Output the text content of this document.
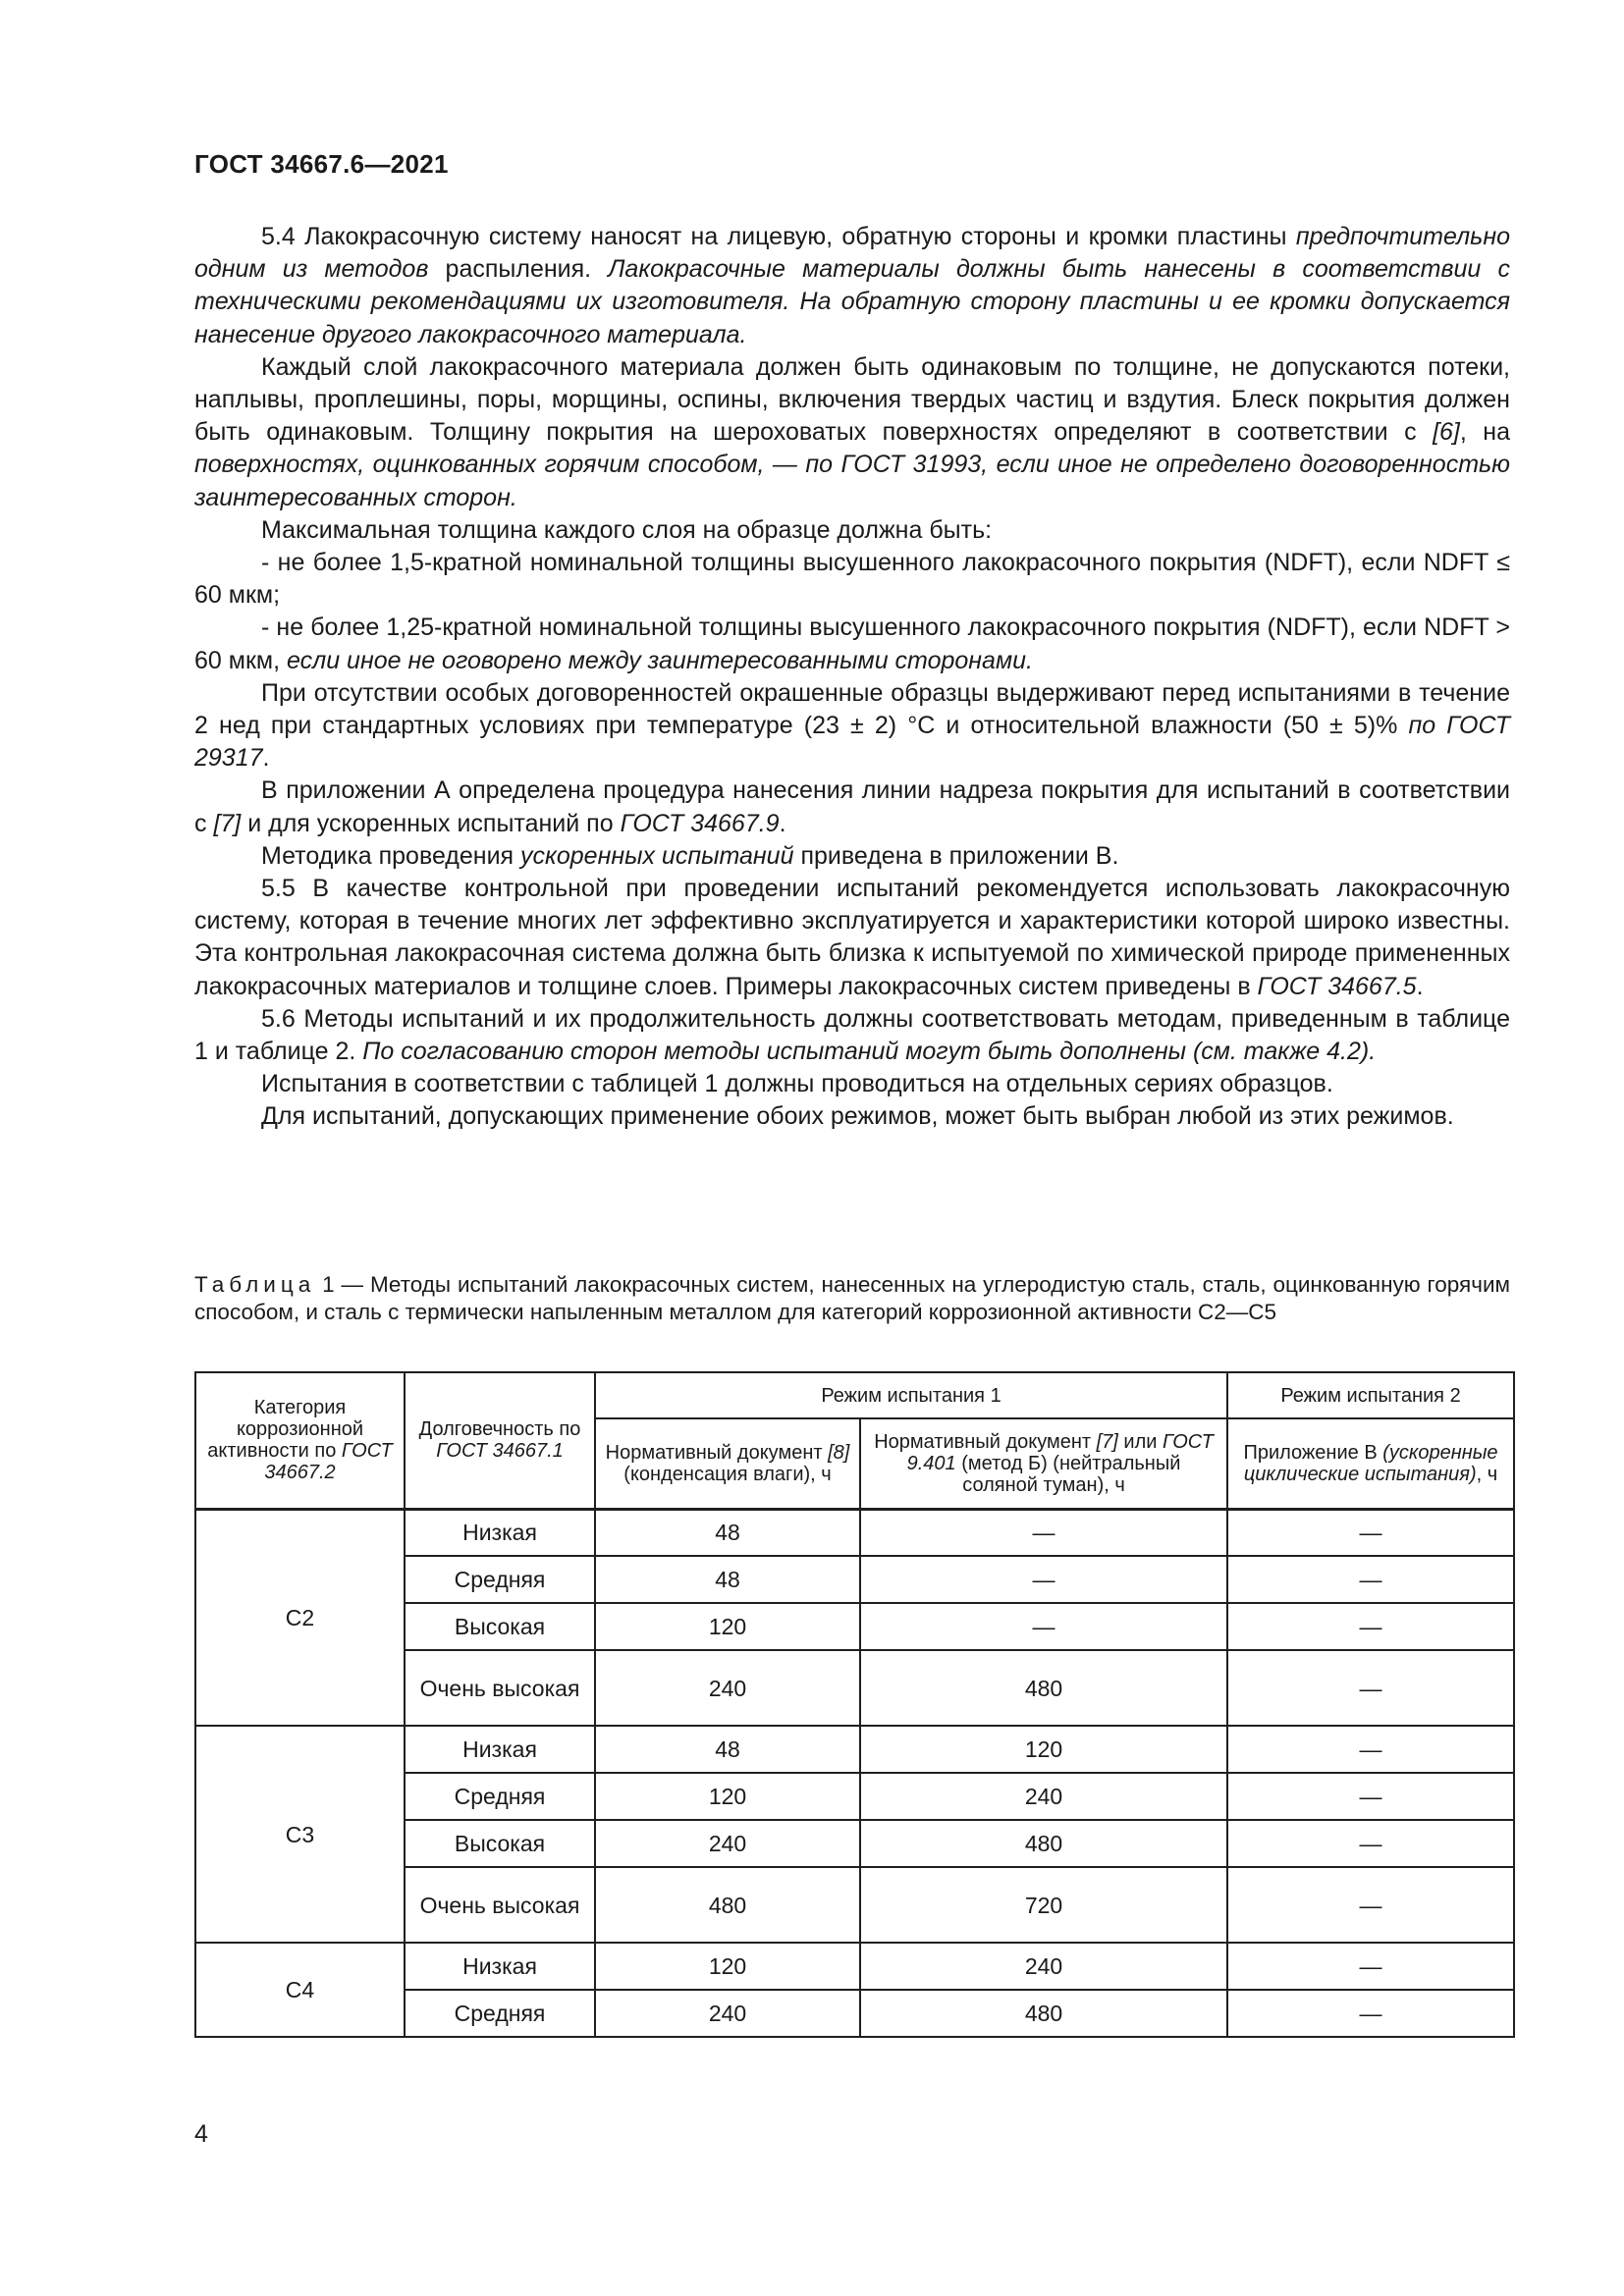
ГОСТ 34667.6—2021

5.4 Лакокрасочную систему наносят на лицевую, обратную стороны и кромки пластины предпочтительно одним из методов распыления. Лакокрасочные материалы должны быть нанесены в соответствии с техническими рекомендациями их изготовителя. На обратную сторону пластины и ее кромки допускается нанесение другого лакокрасочного материала.

Каждый слой лакокрасочного материала должен быть одинаковым по толщине, не допускаются потеки, наплывы, проплешины, поры, морщины, оспины, включения твердых частиц и вздутия. Блеск покрытия должен быть одинаковым. Толщину покрытия на шероховатых поверхностях определяют в соответствии с [6], на поверхностях, оцинкованных горячим способом, — по ГОСТ 31993, если иное не определено договоренностью заинтересованных сторон.

Максимальная толщина каждого слоя на образце должна быть:

- не более 1,5-кратной номинальной толщины высушенного лакокрасочного покрытия (NDFT), если NDFT ≤ 60 мкм;

- не более 1,25-кратной номинальной толщины высушенного лакокрасочного покрытия (NDFT), если NDFT > 60 мкм, если иное не оговорено между заинтересованными сторонами.

При отсутствии особых договоренностей окрашенные образцы выдерживают перед испытаниями в течение 2 нед при стандартных условиях при температуре (23 ± 2) °С и относительной влажности (50 ± 5)% по ГОСТ 29317.

В приложении А определена процедура нанесения линии надреза покрытия для испытаний в соответствии с [7] и для ускоренных испытаний по ГОСТ 34667.9.

Методика проведения ускоренных испытаний приведена в приложении В.

5.5 В качестве контрольной при проведении испытаний рекомендуется использовать лакокрасочную систему, которая в течение многих лет эффективно эксплуатируется и характеристики которой широко известны. Эта контрольная лакокрасочная система должна быть близка к испытуемой по химической природе примененных лакокрасочных материалов и толщине слоев. Примеры лакокрасочных систем приведены в ГОСТ 34667.5.

5.6 Методы испытаний и их продолжительность должны соответствовать методам, приведенным в таблице 1 и таблице 2. По согласованию сторон методы испытаний могут быть дополнены (см. также 4.2).

Испытания в соответствии с таблицей 1 должны проводиться на отдельных сериях образцов.

Для испытаний, допускающих применение обоих режимов, может быть выбран любой из этих режимов.

Таблица 1 — Методы испытаний лакокрасочных систем, нанесенных на углеродистую сталь, сталь, оцинкованную горячим способом, и сталь с термически напыленным металлом для категорий коррозионной активности С2—С5
Категория коррозионной активности по ГОСТ 34667.2	Долговечность по ГОСТ 34667.1	Режим испытания 1		Режим испытания 2
		Нормативный документ [8] (конденсация влаги), ч	Нормативный документ [7] или ГОСТ 9.401 (метод Б) (нейтральный соляной туман), ч	Приложение В (ускоренные циклические испытания), ч
С2	Низкая	48	—	—
	Средняя	48	—	—
	Высокая	120	—	—
	Очень высокая	240	480	—
С3	Низкая	48	120	—
	Средняя	120	240	—
	Высокая	240	480	—
	Очень высокая	480	720	—
С4	Низкая	120	240	—
	Средняя	240	480	—
4
